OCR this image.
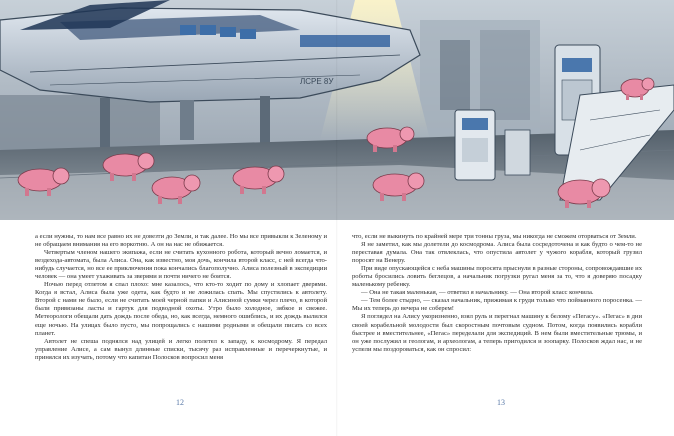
ЛСРЕ 8У

а если нужны, то нам все равно их не довезти до Земли, и так далее. Но мы все привыкли к Зеленому и не обращаем внимания на его воркотню. А он на нас не обижается.

Четвертым членом нашего экипажа, если не считать кухонного робота, который вечно ломается, и вездехода-автомата, была Алиса. Она, как известно, моя дочь, кончила второй класс, с ней всегда что-нибудь случается, но все ее приключения пока кончались благополучно. Алиса полезный в экспедиции человек — она умеет ухаживать за зверями и почти ничего не боится.

Ночью перед отлетом я спал плохо: мне казалось, что кто-то ходит по дому и хлопает дверями. Когда я встал, Алиса была уже одета, как будто и не ложилась спать. Мы спустились к автолету. Второй с нами не было, если не считать моей черной папки и Алисиной сумки через плечо, в которой были привязаны ласты и гартук для подводной охоты. Утро было холодное, зябкое и свежее. Метеорологи обещали дать дождь после обеда, но, как всегда, немного ошиблись, и их дождь вылился еще ночью. На улицах было пусто, мы попрощались с нашими родными и обещали писать со всех планет.

Автолет не спеша поднялся над улицей и легко полетел к западу, к космодрому. Я передал управление Алисе, а сам вынул длинные списки, тысячу раз исправленные и перечеркнутые, и принялся их изучать, потому что капитан Полосков вопросил меня

что, если не выкинуть по крайней мере три тонны груза, мы никогда не сможем оторваться от Земли.

Я не заметил, как мы долетели до космодрома. Алиса была сосредоточена и как будто о чем-то не переставая думала. Она так отвлеклась, что опустила автолет у чужого корабля, который грузил поросят на Венеру.

При виде опускающейся с неба машины поросята прыснули в разные стороны, сопровождавшие их роботы бросились ловить беглецов, а начальник погрузки ругал меня за то, что я доверяю посадку маленькому ребенку.

— Она не такая маленькая, — ответил я начальнику. — Она второй класс кончила.

— Тем более стыдно, — сказал начальник, прижимая к груди только что пойманного поросенка. — Мы их теперь до вечера не соберем!

Я поглядел на Алису укоризненно, взял руль и перегнал машину к белому «Пегасу». «Пегас» в дни своей корабельной молодости был скоростным почтовым судном. Потом, когда появились корабли быстрее и вместительнее, «Пегас» переделали для экспедиций. В нем были вместительные трюмы, и он уже послужил и геологам, и археологам, а теперь пригодился и зоопарку. Полосков ждал нас, и не успели мы поздороваться, как он спросил:

12	13
